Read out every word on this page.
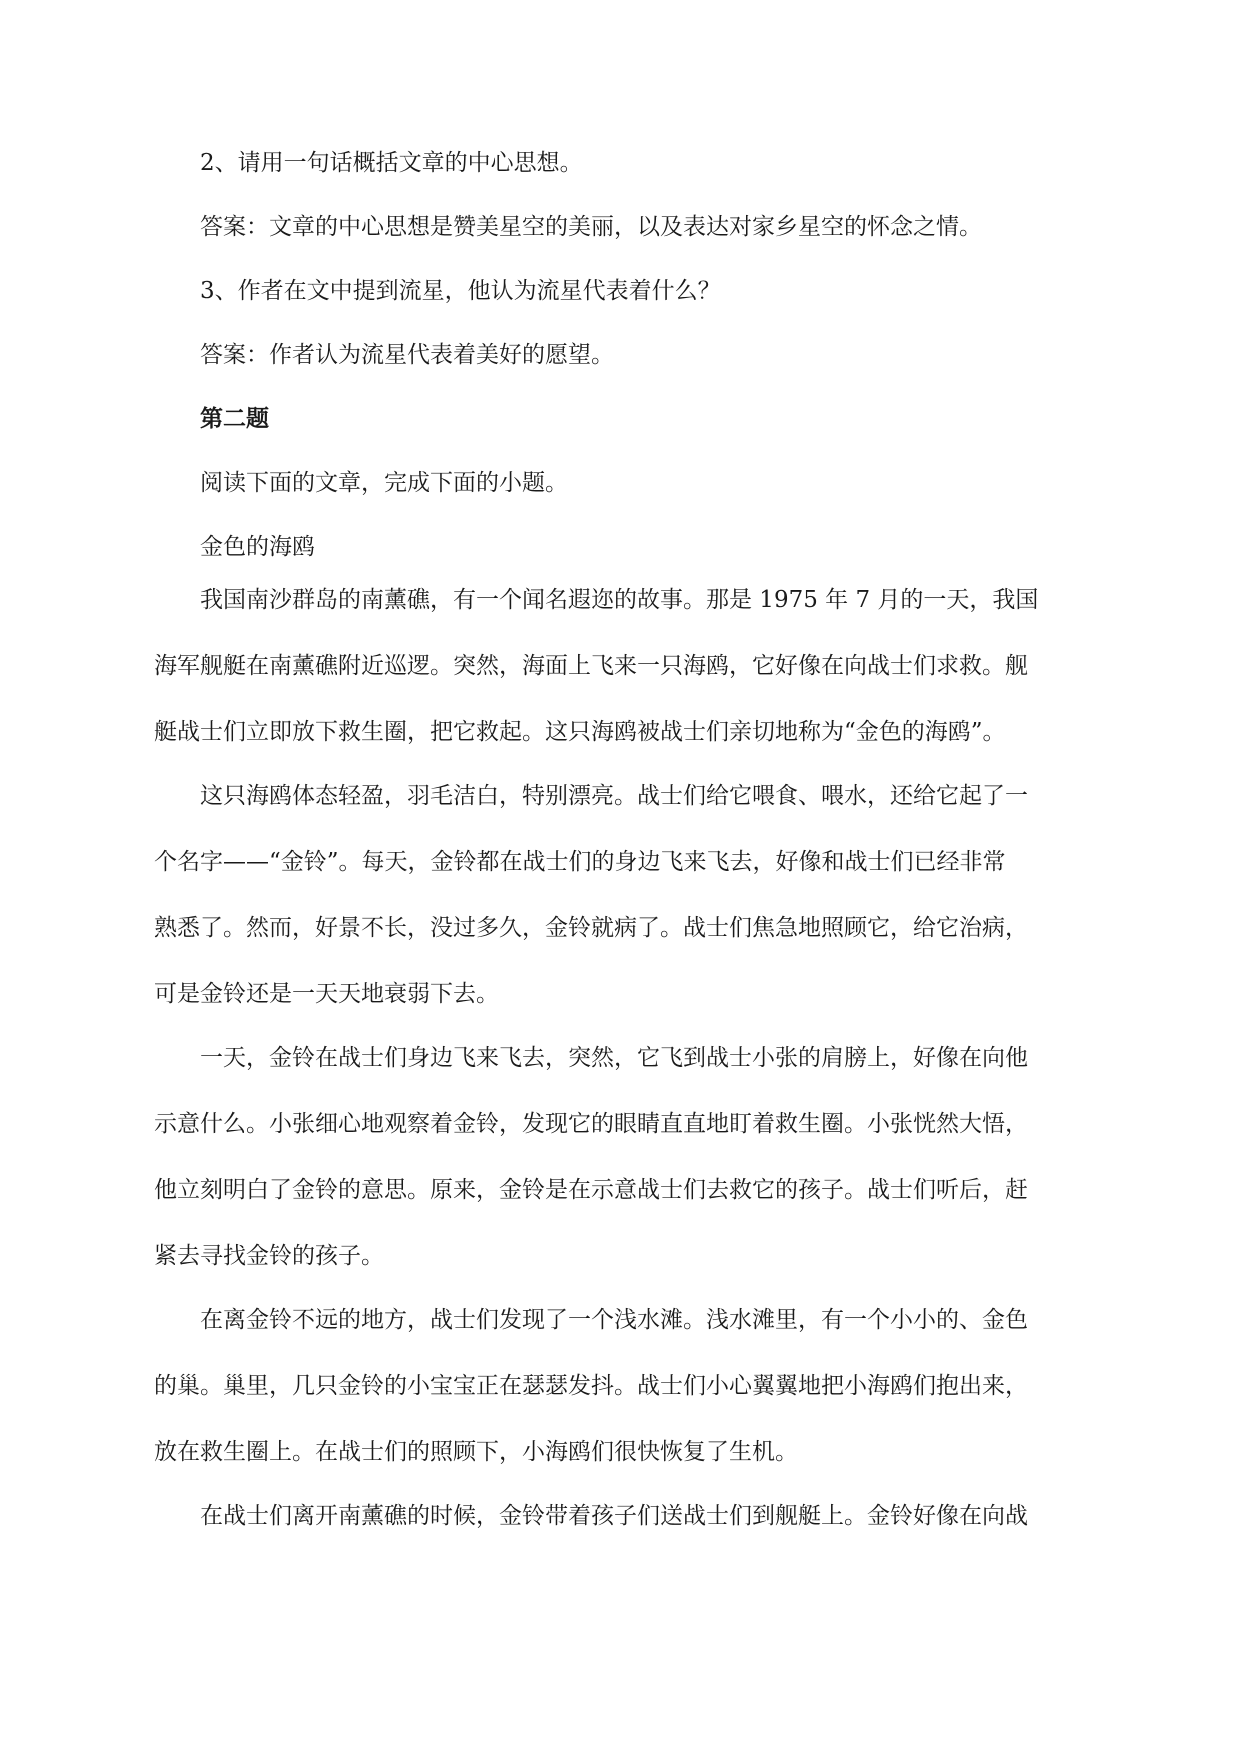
2、请用一句话概括文章的中心思想。
答案：文章的中心思想是赞美星空的美丽，以及表达对家乡星空的怀念之情。
3、作者在文中提到流星，他认为流星代表着什么？
答案：作者认为流星代表着美好的愿望。
第二题
阅读下面的文章，完成下面的小题。
金色的海鸥
我国南沙群岛的南薰礁，有一个闻名遐迩的故事。那是 1975 年 7 月的一天，我国
海军舰艇在南薰礁附近巡逻。突然，海面上飞来一只海鸥，它好像在向战士们求救。舰
艇战士们立即放下救生圈，把它救起。这只海鸥被战士们亲切地称为“金色的海鸥”。
这只海鸥体态轻盈，羽毛洁白，特别漂亮。战士们给它喂食、喂水，还给它起了一
个名字——“金铃”。每天，金铃都在战士们的身边飞来飞去，好像和战士们已经非常
熟悉了。然而，好景不长，没过多久，金铃就病了。战士们焦急地照顾它，给它治病，
可是金铃还是一天天地衰弱下去。
一天，金铃在战士们身边飞来飞去，突然，它飞到战士小张的肩膀上，好像在向他
示意什么。小张细心地观察着金铃，发现它的眼睛直直地盯着救生圈。小张恍然大悟，
他立刻明白了金铃的意思。原来，金铃是在示意战士们去救它的孩子。战士们听后，赶
紧去寻找金铃的孩子。
在离金铃不远的地方，战士们发现了一个浅水滩。浅水滩里，有一个小小的、金色
的巢。巢里，几只金铃的小宝宝正在瑟瑟发抖。战士们小心翼翼地把小海鸥们抱出来，
放在救生圈上。在战士们的照顾下，小海鸥们很快恢复了生机。
在战士们离开南薰礁的时候，金铃带着孩子们送战士们到舰艇上。金铃好像在向战
